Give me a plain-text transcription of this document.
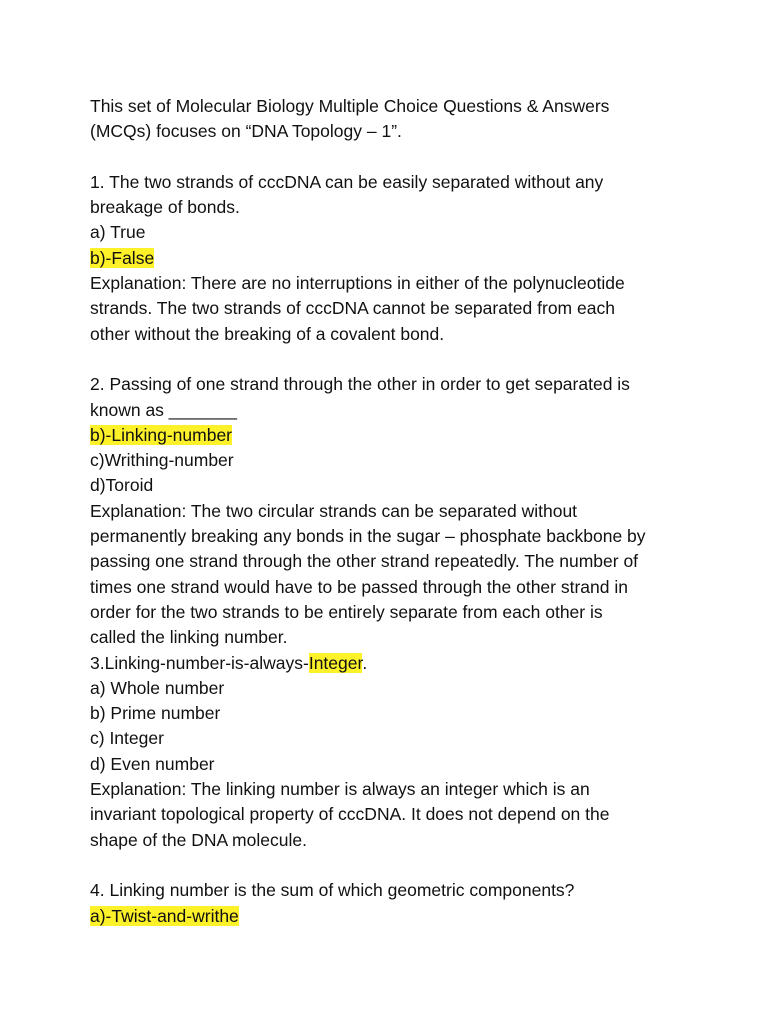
This set of Molecular Biology Multiple Choice Questions & Answers
(MCQs) focuses on “DNA Topology – 1”.
1. The two strands of cccDNA can be easily separated without any
breakage of bonds.
a) True
b)-False
Explanation: There are no interruptions in either of the polynucleotide
strands. The two strands of cccDNA cannot be separated from each
other without the breaking of a covalent bond.
2. Passing of one strand through the other in order to get separated is
known as _______
b)-Linking-number
c)Writhing-number
d)Toroid
Explanation: The two circular strands can be separated without
permanently breaking any bonds in the sugar – phosphate backbone by
passing one strand through the other strand repeatedly. The number of
times one strand would have to be passed through the other strand in
order for the two strands to be entirely separate from each other is
called the linking number.
3.Linking-number-is-always-Integer.
a) Whole number
b) Prime number
c) Integer
d) Even number
Explanation: The linking number is always an integer which is an
invariant topological property of cccDNA. It does not depend on the
shape of the DNA molecule.
4. Linking number is the sum of which geometric components?
a)-Twist-and-writhe
